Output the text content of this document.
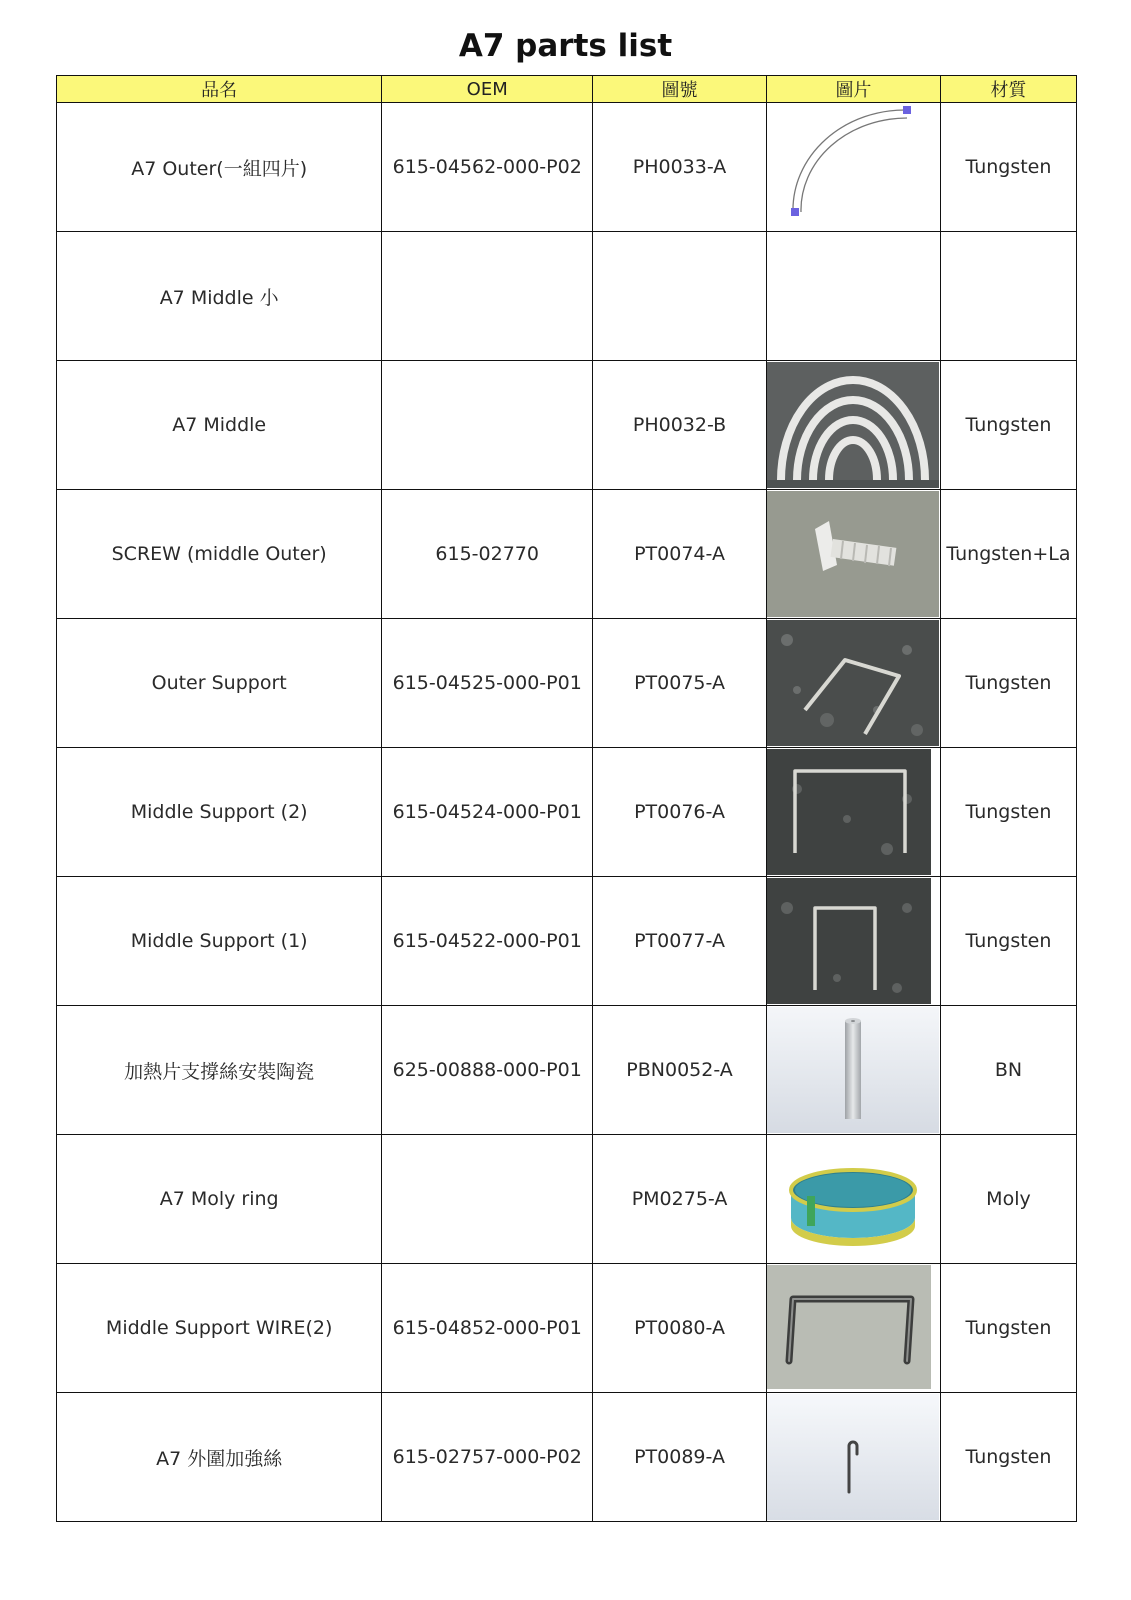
A7 parts list
品名	OEM	圖號	圖片	材質
A7 Outer(一組四片)	615-04562-000-P02	PH0033-A		Tungsten
A7 Middle 小				
A7 Middle		PH0032-B		Tungsten
SCREW (middle Outer)	615-02770	PT0074-A		Tungsten+La
Outer Support	615-04525-000-P01	PT0075-A		Tungsten
Middle Support (2)	615-04524-000-P01	PT0076-A		Tungsten
Middle Support (1)	615-04522-000-P01	PT0077-A		Tungsten
加熱片支撐絲安裝陶瓷	625-00888-000-P01	PBN0052-A		BN
A7 Moly ring		PM0275-A		Moly
Middle Support WIRE(2)	615-04852-000-P01	PT0080-A		Tungsten
A7 外圍加強絲	615-02757-000-P02	PT0089-A		Tungsten
